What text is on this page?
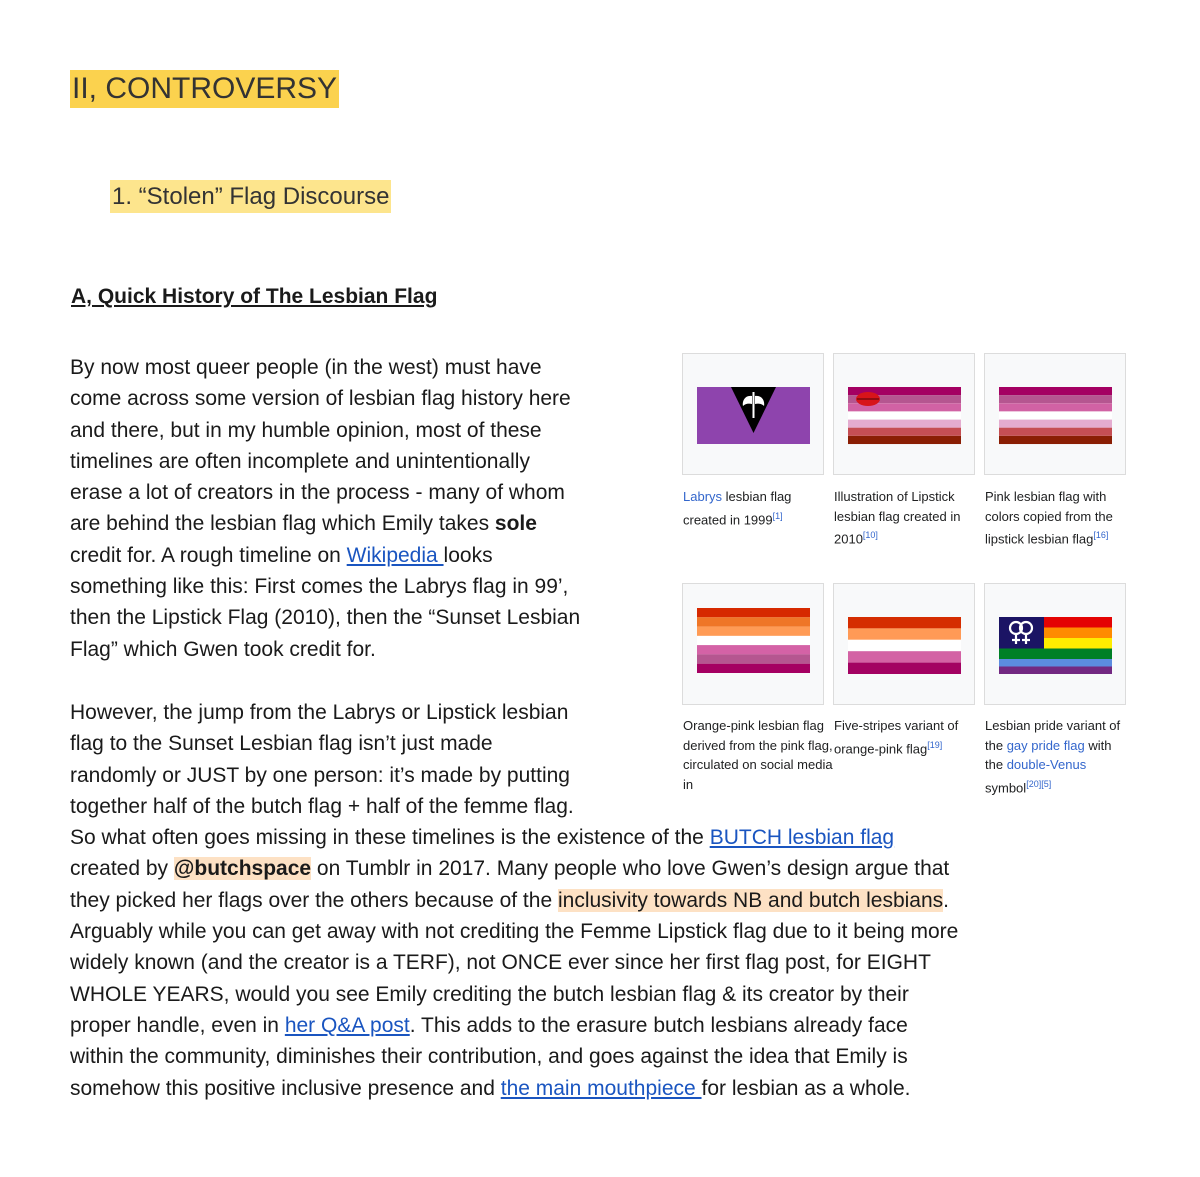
II, CONTROVERSY
1. “Stolen” Flag Discourse
A, Quick History of The Lesbian Flag
By now most queer people (in the west) must have
come across some version of lesbian flag history here
and there, but in my humble opinion, most of these
timelines are often incomplete and unintentionally
erase a lot of creators in the process - many of whom
are behind the lesbian flag which Emily takes sole
credit for. A rough timeline on Wikipedia looks
something like this: First comes the Labrys flag in 99’,
then the Lipstick Flag (2010), then the “Sunset Lesbian
Flag” which Gwen took credit for.
However, the jump from the Labrys or Lipstick lesbian
flag to the Sunset Lesbian flag isn’t just made
randomly or JUST by one person: it’s made by putting
together half of the butch flag + half of the femme flag.
So what often goes missing in these timelines is the existence of the BUTCH lesbian flag
created by @butchspace on Tumblr in 2017. Many people who love Gwen’s design argue that
they picked her flags over the others because of the inclusivity towards NB and butch lesbians.
Arguably while you can get away with not crediting the Femme Lipstick flag due to it being more
widely known (and the creator is a TERF), not ONCE ever since her first flag post, for EIGHT
WHOLE YEARS, would you see Emily crediting the butch lesbian flag & its creator by their
proper handle, even in her Q&A post. This adds to the erasure butch lesbians already face
within the community, diminishes their contribution, and goes against the idea that Emily is
somehow this positive inclusive presence and the main mouthpiece for lesbian as a whole.
Labrys lesbian flag created in 1999[1]
Illustration of Lipstick lesbian flag created in 2010[10]
Pink lesbian flag with colors copied from the lipstick lesbian flag[16]
Orange-pink lesbian flag derived from the pink flag, circulated on social media in
Five-stripes variant of orange-pink flag[19]
Lesbian pride variant of the gay pride flag with the double-Venus symbol[20][5]
